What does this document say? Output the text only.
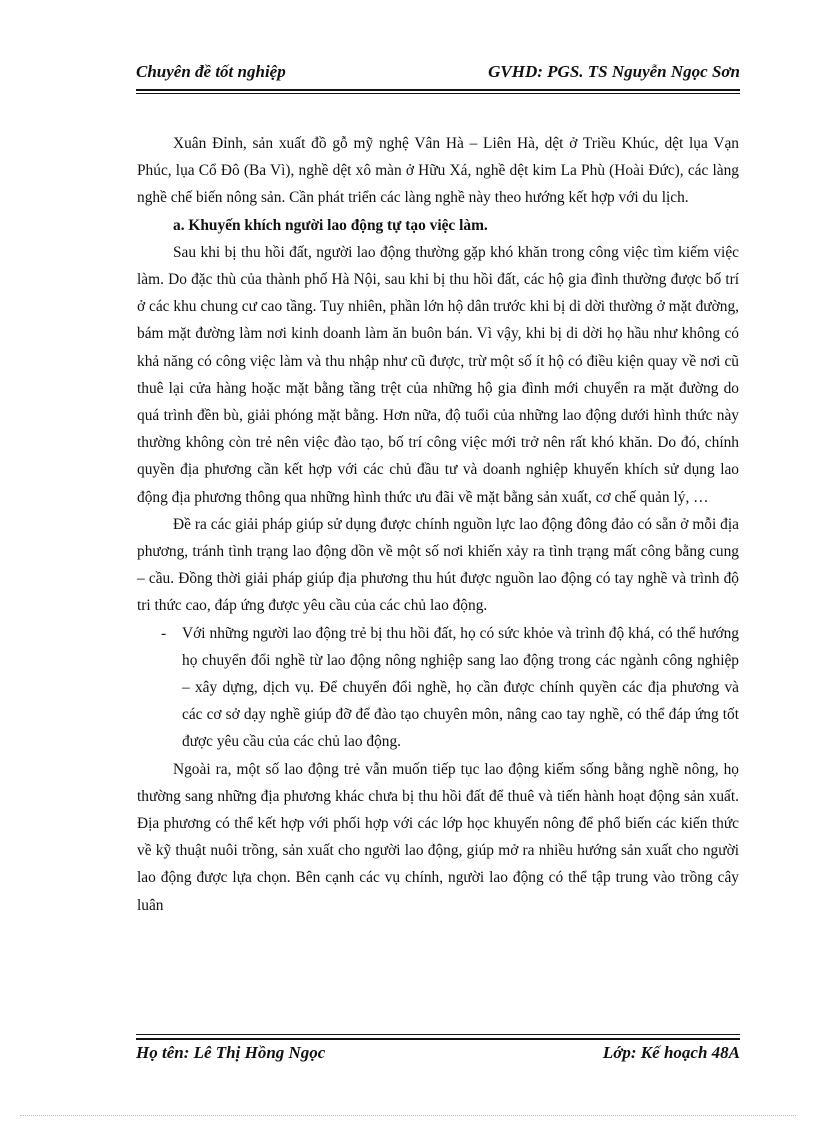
Chuyên đề tốt nghiệp	GVHD: PGS. TS Nguyễn Ngọc Sơn

Xuân Đỉnh, sản xuất đồ gỗ mỹ nghệ Vân Hà – Liên Hà, dệt ở Triều Khúc, dệt lụa Vạn Phúc, lụa Cổ Đô (Ba Vì), nghề dệt xô màn ở Hữu Xá, nghề dệt kim La Phù (Hoài Đức), các làng nghề chế biến nông sản. Cần phát triển các làng nghề này theo hướng kết hợp với du lịch.

a. Khuyến khích người lao động tự tạo việc làm.

Sau khi bị thu hồi đất, người lao động thường gặp khó khăn trong công việc tìm kiếm việc làm. Do đặc thù của thành phố Hà Nội, sau khi bị thu hồi đất, các hộ gia đình thường được bố trí ở các khu chung cư cao tầng. Tuy nhiên, phần lớn hộ dân trước khi bị di dời thường ở mặt đường, bám mặt đường làm nơi kinh doanh làm ăn buôn bán. Vì vậy, khi bị di dời họ hầu như không có khả năng có công việc làm và thu nhập như cũ được, trừ một số ít hộ có điều kiện quay về nơi cũ thuê lại cửa hàng hoặc mặt bằng tầng trệt của những hộ gia đình mới chuyển ra mặt đường do quá trình đền bù, giải phóng mặt bằng. Hơn nữa, độ tuổi của những lao động dưới hình thức này thường không còn trẻ nên việc đào tạo, bố trí công việc mới trở nên rất khó khăn. Do đó, chính quyền địa phương cần kết hợp với các chủ đầu tư và doanh nghiệp khuyến khích sử dụng lao động địa phương thông qua những hình thức ưu đãi về mặt bằng sản xuất, cơ chế quản lý, …

Đề ra các giải pháp giúp sử dụng được chính nguồn lực lao động đông đảo có sẵn ở mỗi địa phương, tránh tình trạng lao động dồn về một số nơi khiến xảy ra tình trạng mất công bằng cung – cầu. Đồng thời giải pháp giúp địa phương thu hút được nguồn lao động có tay nghề và trình độ tri thức cao, đáp ứng được yêu cầu của các chủ lao động.

- Với những người lao động trẻ bị thu hồi đất, họ có sức khỏe và trình độ khá, có thể hướng họ chuyển đổi nghề từ lao động nông nghiệp sang lao động trong các ngành công nghiệp – xây dựng, dịch vụ. Để chuyển đổi nghề, họ cần được chính quyền các địa phương và các cơ sở dạy nghề giúp đỡ để đào tạo chuyên môn, nâng cao tay nghề, có thể đáp ứng tốt được yêu cầu của các chủ lao động.

Ngoài ra, một số lao động trẻ vẫn muốn tiếp tục lao động kiếm sống bằng nghề nông, họ thường sang những địa phương khác chưa bị thu hồi đất để thuê và tiến hành hoạt động sản xuất. Địa phương có thể kết hợp với phối hợp với các lớp học khuyến nông để phổ biến các kiến thức về kỹ thuật nuôi trồng, sản xuất cho người lao động, giúp mở ra nhiều hướng sản xuất cho người lao động được lựa chọn. Bên cạnh các vụ chính, người lao động có thể tập trung vào trồng cây luân

Họ tên: Lê Thị Hồng Ngọc	Lớp: Kế hoạch 48A
